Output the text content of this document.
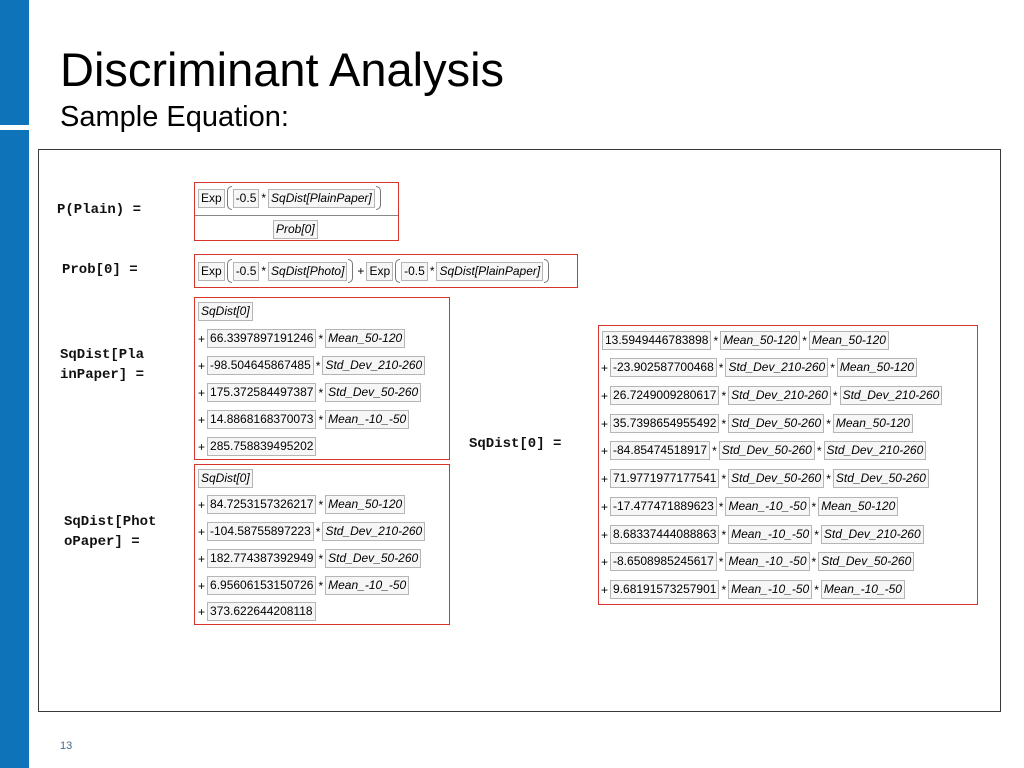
Discriminant Analysis
Sample Equation:
P(Plain) =
Prob[0] =
SqDist[Pla
inPaper] =
SqDist[Phot
oPaper] =
SqDist[0] =
Exp -0.5 * SqDist[PlainPaper]
Prob[0]
Exp -0.5 * SqDist[Photo] + Exp -0.5 * SqDist[PlainPaper]
SqDist[0]
+ 66.3397897191246 * Mean_50-120
+ -98.504645867485 * Std_Dev_210-260
+ 175.372584497387 * Std_Dev_50-260
+ 14.8868168370073 * Mean_-10_-50
+ 285.758839495202
SqDist[0]
+ 84.7253157326217 * Mean_50-120
+ -104.58755897223 * Std_Dev_210-260
+ 182.774387392949 * Std_Dev_50-260
+ 6.95606153150726 * Mean_-10_-50
+ 373.622644208118
13.5949446783898 * Mean_50-120 * Mean_50-120
+ -23.902587700468 * Std_Dev_210-260 * Mean_50-120
+ 26.7249009280617 * Std_Dev_210-260 * Std_Dev_210-260
+ 35.7398654955492 * Std_Dev_50-260 * Mean_50-120
+ -84.85474518917 * Std_Dev_50-260 * Std_Dev_210-260
+ 71.9771977177541 * Std_Dev_50-260 * Std_Dev_50-260
+ -17.477471889623 * Mean_-10_-50 * Mean_50-120
+ 8.68337444088863 * Mean_-10_-50 * Std_Dev_210-260
+ -8.6508985245617 * Mean_-10_-50 * Std_Dev_50-260
+ 9.68191573257901 * Mean_-10_-50 * Mean_-10_-50
13
